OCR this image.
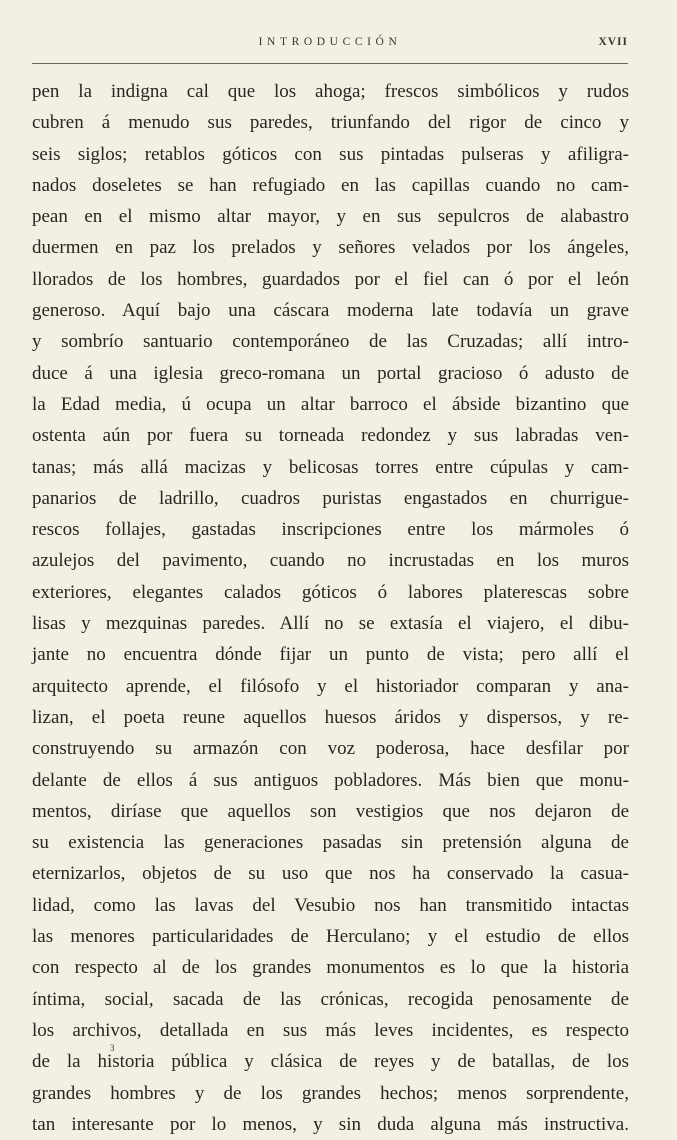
INTRODUCCIÓN	XVII
pen la indigna cal que los ahoga; frescos simbólicos y rudos
cubren á menudo sus paredes, triunfando del rigor de cinco y
seis siglos; retablos góticos con sus pintadas pulseras y afiligra-
nados doseletes se han refugiado en las capillas cuando no cam-
pean en el mismo altar mayor, y en sus sepulcros de alabastro
duermen en paz los prelados y señores velados por los ángeles,
llorados de los hombres, guardados por el fiel can ó por el león
generoso. Aquí bajo una cáscara moderna late todavía un grave
y sombrío santuario contemporáneo de las Cruzadas; allí intro-
duce á una iglesia greco-romana un portal gracioso ó adusto de
la Edad media, ú ocupa un altar barroco el ábside bizantino que
ostenta aún por fuera su torneada redondez y sus labradas ven-
tanas; más allá macizas y belicosas torres entre cúpulas y cam-
panarios de ladrillo, cuadros puristas engastados en churrigue-
rescos follajes, gastadas inscripciones entre los mármoles ó
azulejos del pavimento, cuando no incrustadas en los muros
exteriores, elegantes calados góticos ó labores platerescas sobre
lisas y mezquinas paredes. Allí no se extasía el viajero, el dibu-
jante no encuentra dónde fijar un punto de vista; pero allí el
arquitecto aprende, el filósofo y el historiador comparan y ana-
lizan, el poeta reune aquellos huesos áridos y dispersos, y re-
construyendo su armazón con voz poderosa, hace desfilar por
delante de ellos á sus antiguos pobladores. Más bien que monu-
mentos, diríase que aquellos son vestigios que nos dejaron de
su existencia las generaciones pasadas sin pretensión alguna de
eternizarlos, objetos de su uso que nos ha conservado la casua-
lidad, como las lavas del Vesubio nos han transmitido intactas
las menores particularidades de Herculano; y el estudio de ellos
con respecto al de los grandes monumentos es lo que la historia
íntima, social, sacada de las crónicas, recogida penosamente de
los archivos, detallada en sus más leves incidentes, es respecto
de la historia pública y clásica de reyes y de batallas, de los
grandes hombres y de los grandes hechos; menos sorprendente,
tan interesante por lo menos, y sin duda alguna más instructiva.
3
